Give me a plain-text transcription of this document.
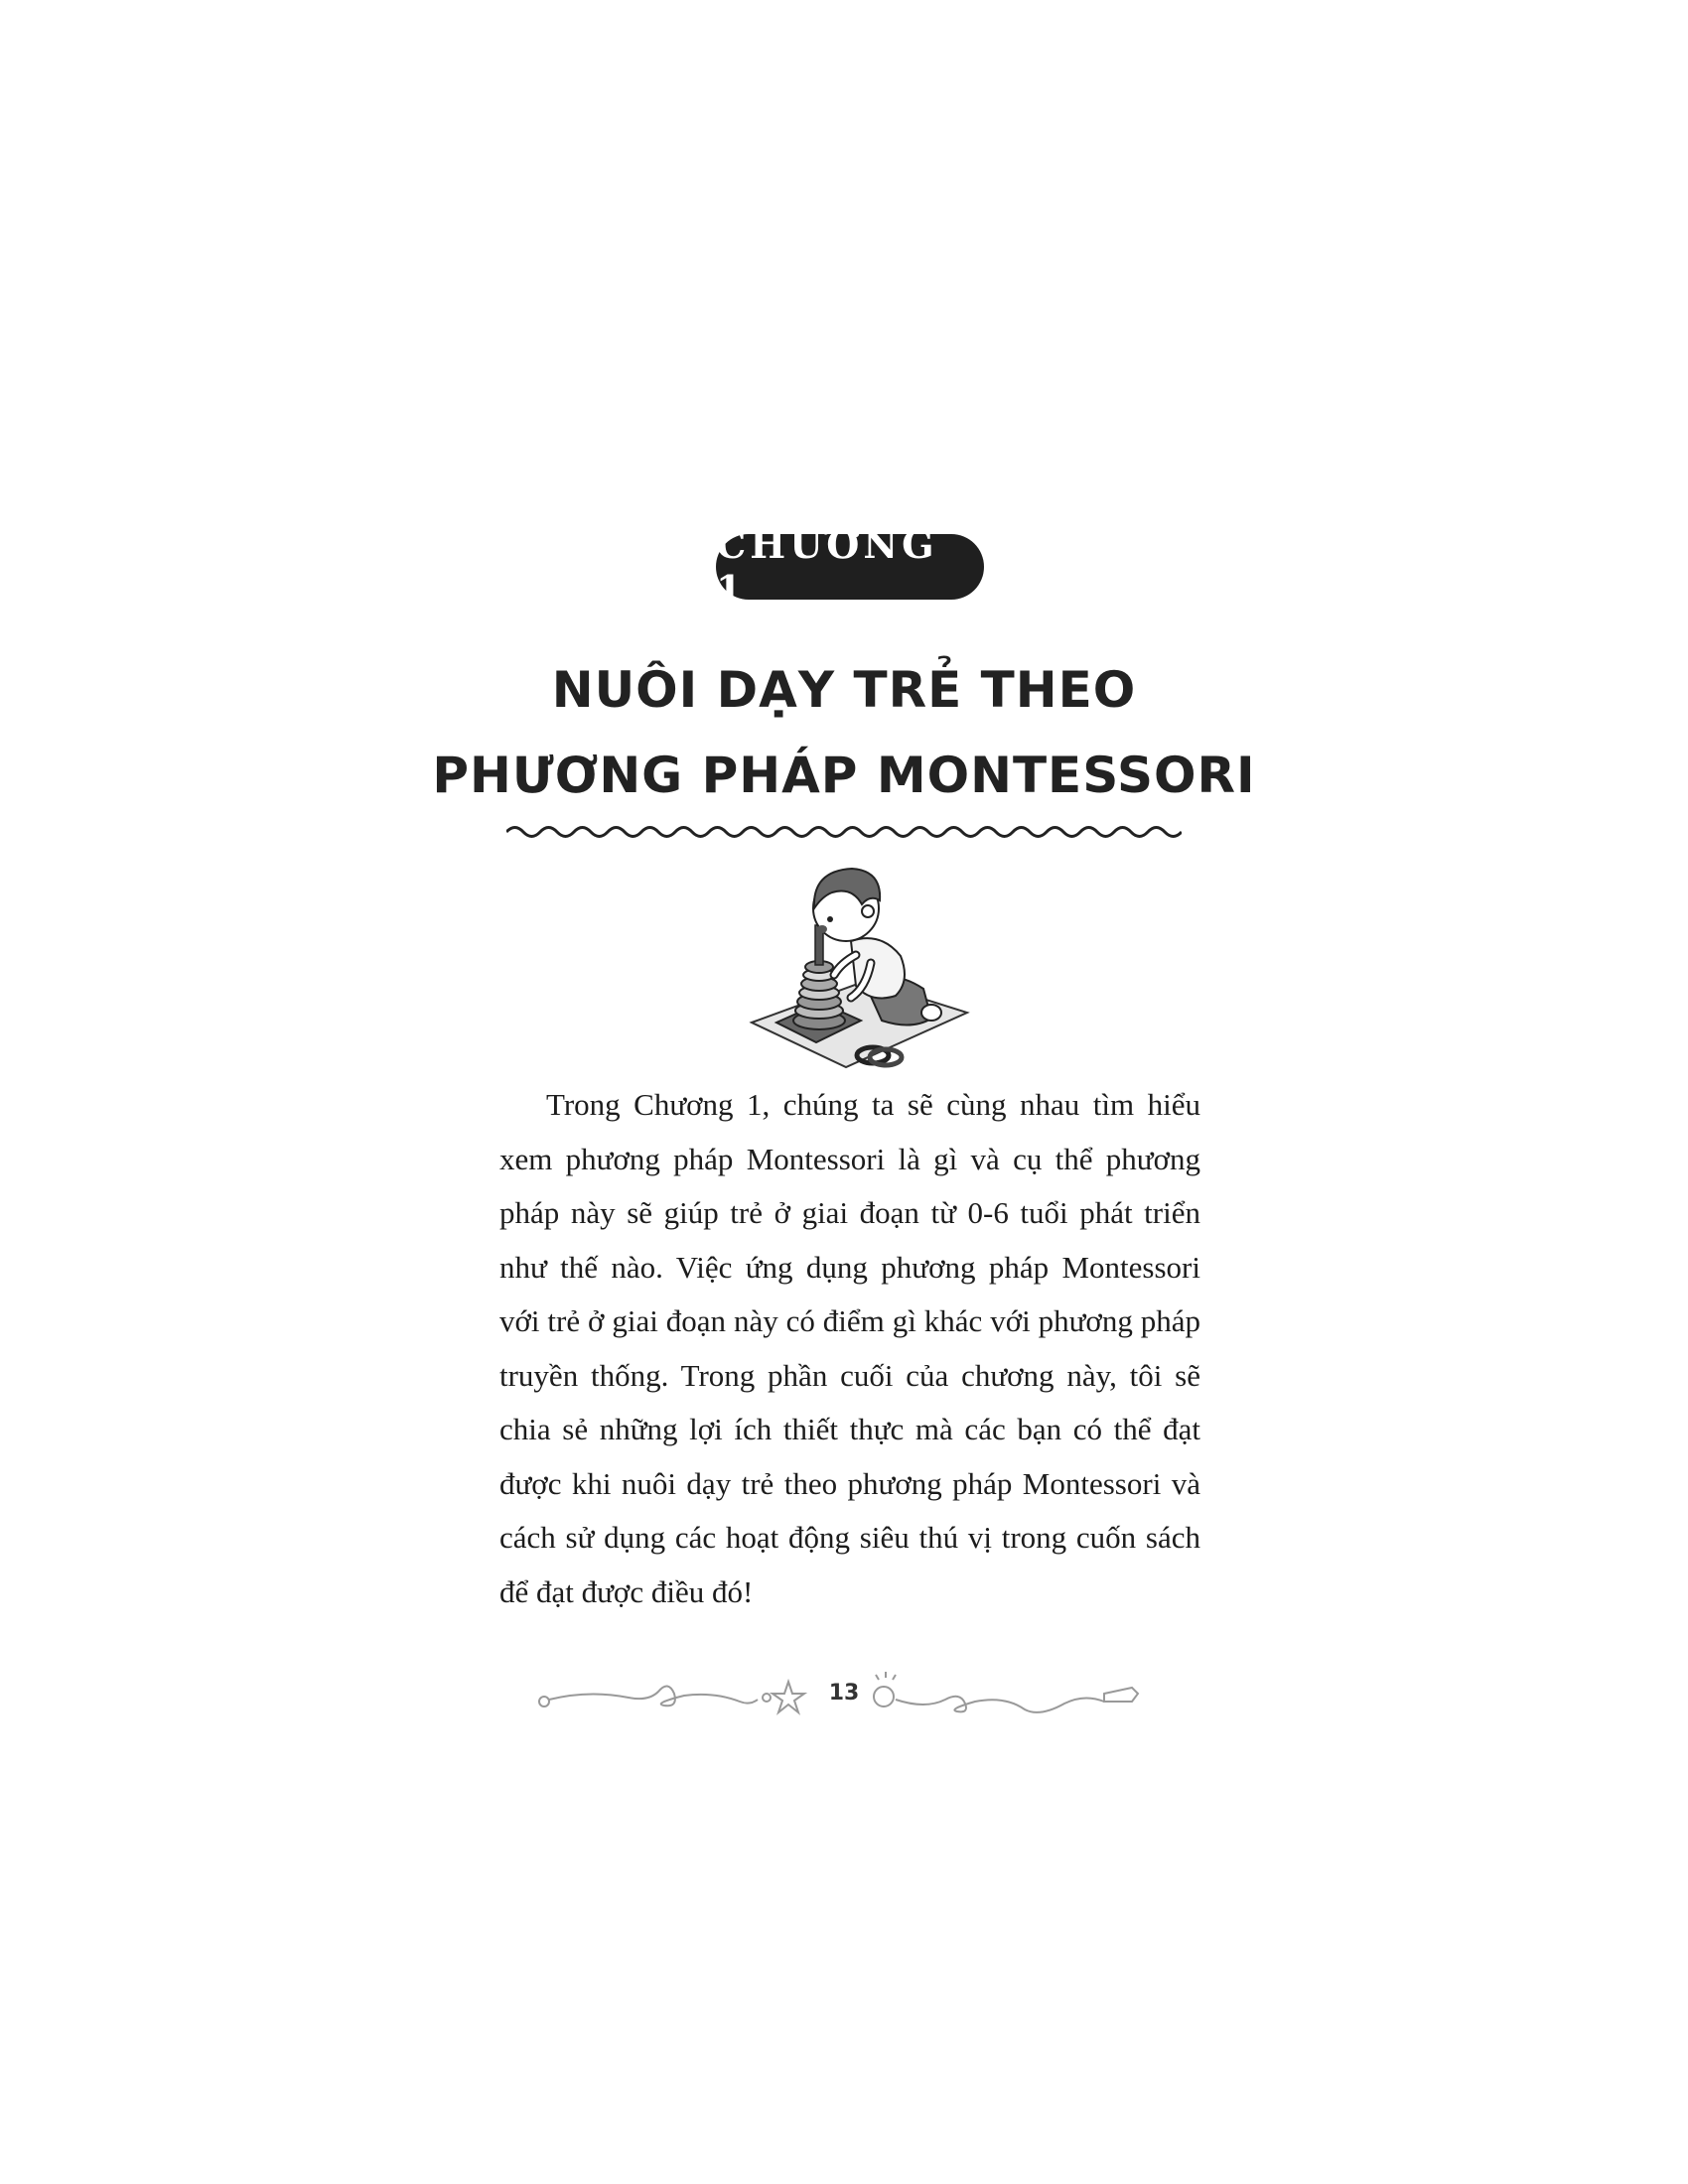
CHƯƠNG 1
NUÔI DẠY TRẺ THEO
PHƯƠNG PHÁP MONTESSORI

Trong Chương 1, chúng ta sẽ cùng nhau tìm hiểu xem phương pháp Montessori là gì và cụ thể phương pháp này sẽ giúp trẻ ở giai đoạn từ 0-6 tuổi phát triển như thế nào. Việc ứng dụng phương pháp Montessori với trẻ ở giai đoạn này có điểm gì khác với phương pháp truyền thống. Trong phần cuối của chương này, tôi sẽ chia sẻ những lợi ích thiết thực mà các bạn có thể đạt được khi nuôi dạy trẻ theo phương pháp Montessori và cách sử dụng các hoạt động siêu thú vị trong cuốn sách để đạt được điều đó!

13
